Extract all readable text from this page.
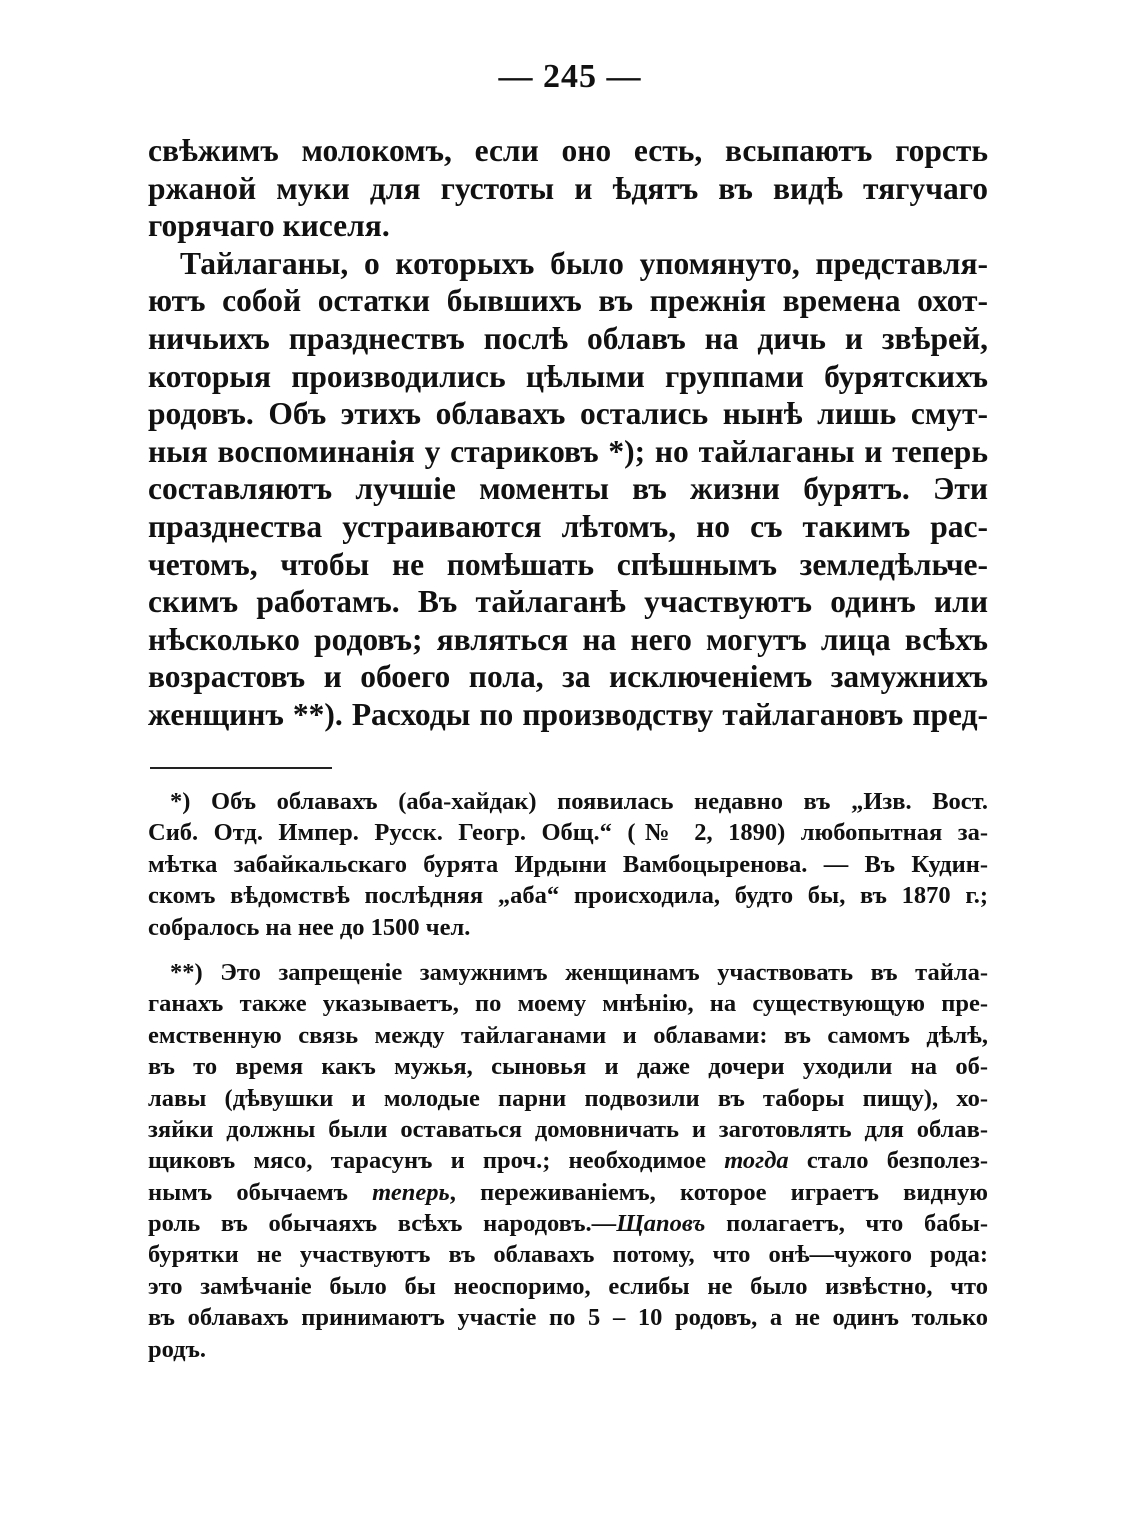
— 245 —
свѣжимъ молокомъ, если оно есть, всыпаютъ горсть
ржаной муки для густоты и ѣдятъ въ видѣ тягучаго
горячаго киселя.
Тайлаганы, о которыхъ было упомянуто, представля-
ютъ собой остатки бывшихъ въ прежнія времена охот-
ничьихъ празднествъ послѣ облавъ на дичь и звѣрей,
которыя производились цѣлыми группами бурятскихъ
родовъ. Объ этихъ облавахъ остались нынѣ лишь смут-
ныя воспоминанія у стариковъ *); но тайлаганы и теперь
составляютъ лучшіе моменты въ жизни бурятъ. Эти
празднества устраиваются лѣтомъ, но съ такимъ рас-
четомъ, чтобы не помѣшать спѣшнымъ земледѣльче-
скимъ работамъ. Въ тайлаганѣ участвуютъ одинъ или
нѣсколько родовъ; являться на него могутъ лица всѣхъ
возрастовъ и обоего пола, за исключеніемъ замужнихъ
женщинъ **). Расходы по производству тайлагановъ пред-
*) Объ облавахъ (аба-хайдак) появилась недавно въ „Изв. Вост.
Сиб. Отд. Импер. Русск. Геогр. Общ.“ (№ 2, 1890) любопытная за-
мѣтка забайкальскаго бурята Ирдыни Вамбоцыренова. — Въ Кудин-
скомъ вѣдомствѣ послѣдняя „аба“ происходила, будто бы, въ 1870 г.;
собралось на нее до 1500 чел.
**) Это запрещеніе замужнимъ женщинамъ участвовать въ тайла-
ганахъ также указываетъ, по моему мнѣнію, на существующую пре-
емственную связь между тайлаганами и облавами: въ самомъ дѣлѣ,
въ то время какъ мужья, сыновья и даже дочери уходили на об-
лавы (дѣвушки и молодые парни подвозили въ таборы пищу), хо-
зяйки должны были оставаться домовничать и заготовлять для облав-
щиковъ мясо, тарасунъ и проч.; необходимое тогда стало безполез-
нымъ обычаемъ теперь, переживаніемъ, которое играетъ видную
роль въ обычаяхъ всѣхъ народовъ.—Щаповъ полагаетъ, что бабы-
бурятки не участвуютъ въ облавахъ потому, что онѣ—чужого рода:
это замѣчаніе было бы неоспоримо, еслибы не было извѣстно, что
въ облавахъ принимаютъ участіе по 5 – 10 родовъ, а не одинъ только
родъ.
